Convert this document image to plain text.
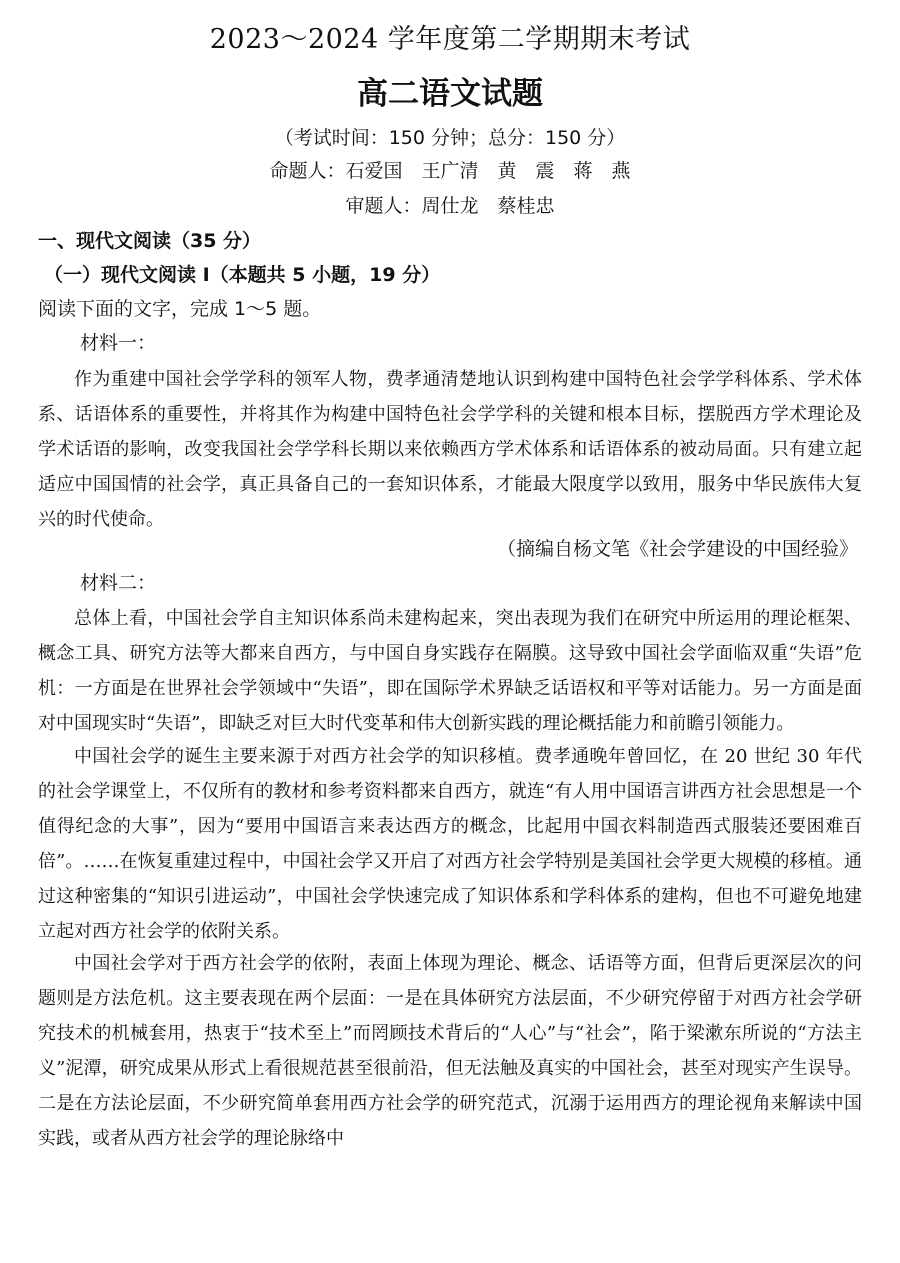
2023～2024 学年度第二学期期末考试
高二语文试题
（考试时间：150 分钟；总分：150 分）
命题人：石爱国　王广清　黄　震　蒋　燕
审题人：周仕龙　蔡桂忠
一、现代文阅读（35 分）
（一）现代文阅读 I（本题共 5 小题，19 分）
阅读下面的文字，完成 1～5 题。
材料一：

作为重建中国社会学学科的领军人物，费孝通清楚地认识到构建中国特色社会学学科体系、学术体系、话语体系的重要性，并将其作为构建中国特色社会学学科的关键和根本目标，摆脱西方学术理论及学术话语的影响，改变我国社会学学科长期以来依赖西方学术体系和话语体系的被动局面。只有建立起适应中国国情的社会学，真正具备自己的一套知识体系，才能最大限度学以致用，服务中华民族伟大复兴的时代使命。

（摘编自杨文笔《社会学建设的中国经验》
材料二：

总体上看，中国社会学自主知识体系尚未建构起来，突出表现为我们在研究中所运用的理论框架、概念工具、研究方法等大都来自西方，与中国自身实践存在隔膜。这导致中国社会学面临双重“失语”危机：一方面是在世界社会学领域中“失语”，即在国际学术界缺乏话语权和平等对话能力。另一方面是面对中国现实时“失语”，即缺乏对巨大时代变革和伟大创新实践的理论概括能力和前瞻引领能力。

中国社会学的诞生主要来源于对西方社会学的知识移植。费孝通晚年曾回忆，在 20 世纪 30 年代的社会学课堂上，不仅所有的教材和参考资料都来自西方，就连“有人用中国语言讲西方社会思想是一个值得纪念的大事”，因为“要用中国语言来表达西方的概念，比起用中国衣料制造西式服装还要困难百倍”。……在恢复重建过程中，中国社会学又开启了对西方社会学特别是美国社会学更大规模的移植。通过这种密集的“知识引进运动”，中国社会学快速完成了知识体系和学科体系的建构，但也不可避免地建立起对西方社会学的依附关系。

中国社会学对于西方社会学的依附，表面上体现为理论、概念、话语等方面，但背后更深层次的问题则是方法危机。这主要表现在两个层面：一是在具体研究方法层面，不少研究停留于对西方社会学研究技术的机械套用，热衷于“技术至上”而罔顾技术背后的“人心”与“社会”，陷于梁漱东所说的“方法主义”泥潭，研究成果从形式上看很规范甚至很前沿，但无法触及真实的中国社会，甚至对现实产生误导。二是在方法论层面，不少研究简单套用西方社会学的研究范式，沉溺于运用西方的理论视角来解读中国实践，或者从西方社会学的理论脉络中
